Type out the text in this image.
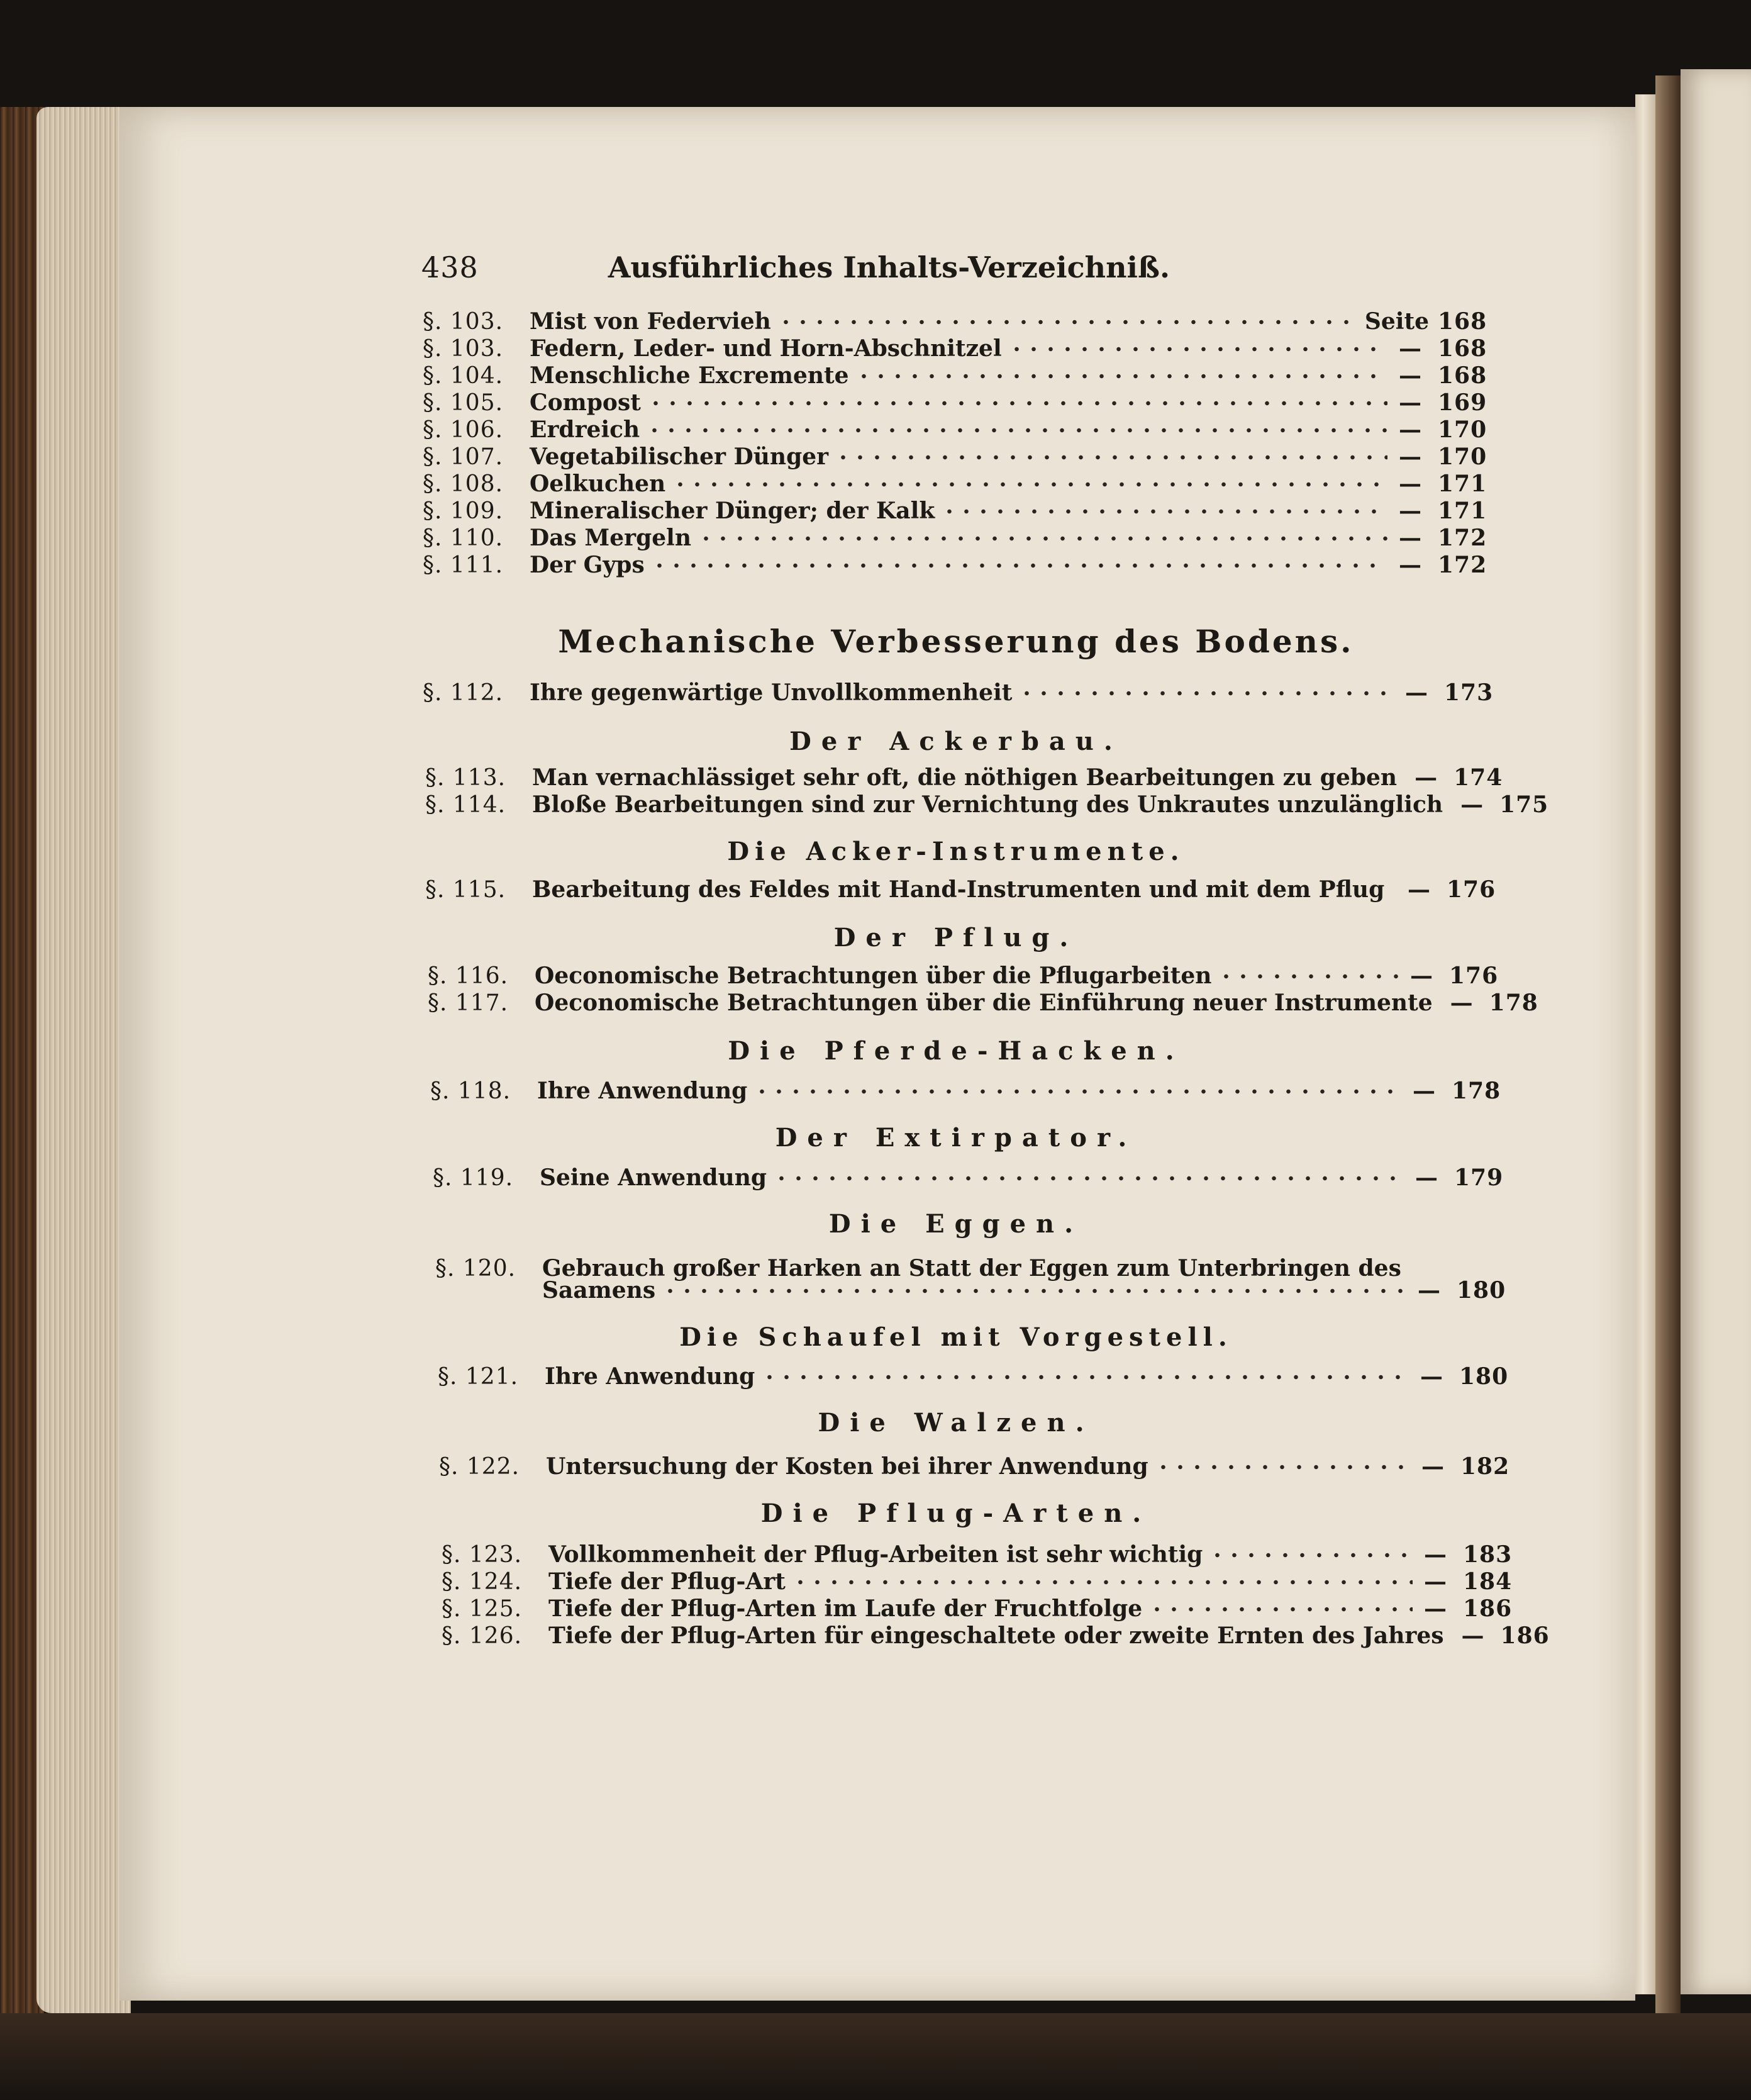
438	Ausführliches Inhalts-Verzeichniß.
§. 103.	Mist von Federvieh	Seite 168
§. 103.	Federn, Leder- und Horn-Abschnitzel	— 168
§. 104.	Menschliche Excremente	— 168
§. 105.	Compost	— 169
§. 106.	Erdreich	— 170
§. 107.	Vegetabilischer Dünger	— 170
§. 108.	Oelkuchen	— 171
§. 109.	Mineralischer Dünger; der Kalk	— 171
§. 110.	Das Mergeln	— 172
§. 111.	Der Gyps	— 172
Mechanische Verbesserung des Bodens.
§. 112.	Ihre gegenwärtige Unvollkommenheit	— 173
Der Ackerbau.
§. 113.	Man vernachlässiget sehr oft, die nöthigen Bearbeitungen zu geben — 174
§. 114.	Bloße Bearbeitungen sind zur Vernichtung des Unkrautes unzulänglich — 175
Die Acker-Instrumente.
§. 115.	Bearbeitung des Feldes mit Hand-Instrumenten und mit dem Pflug — 176
Der Pflug.
§. 116.	Oeconomische Betrachtungen über die Pflugarbeiten	— 176
§. 117.	Oeconomische Betrachtungen über die Einführung neuer Instrumente — 178
Die Pferde-Hacken.
§. 118.	Ihre Anwendung	— 178
Der Extirpator.
§. 119.	Seine Anwendung	— 179
Die Eggen.
§. 120.	Gebrauch großer Harken an Statt der Eggen zum Unterbringen des
Saamens	— 180
Die Schaufel mit Vorgestell.
§. 121.	Ihre Anwendung	— 180
Die Walzen.
§. 122.	Untersuchung der Kosten bei ihrer Anwendung	— 182
Die Pflug-Arten.
§. 123.	Vollkommenheit der Pflug-Arbeiten ist sehr wichtig	— 183
§. 124.	Tiefe der Pflug-Art	— 184
§. 125.	Tiefe der Pflug-Arten im Laufe der Fruchtfolge	— 186
§. 126.	Tiefe der Pflug-Arten für eingeschaltete oder zweite Ernten des Jahres — 186
